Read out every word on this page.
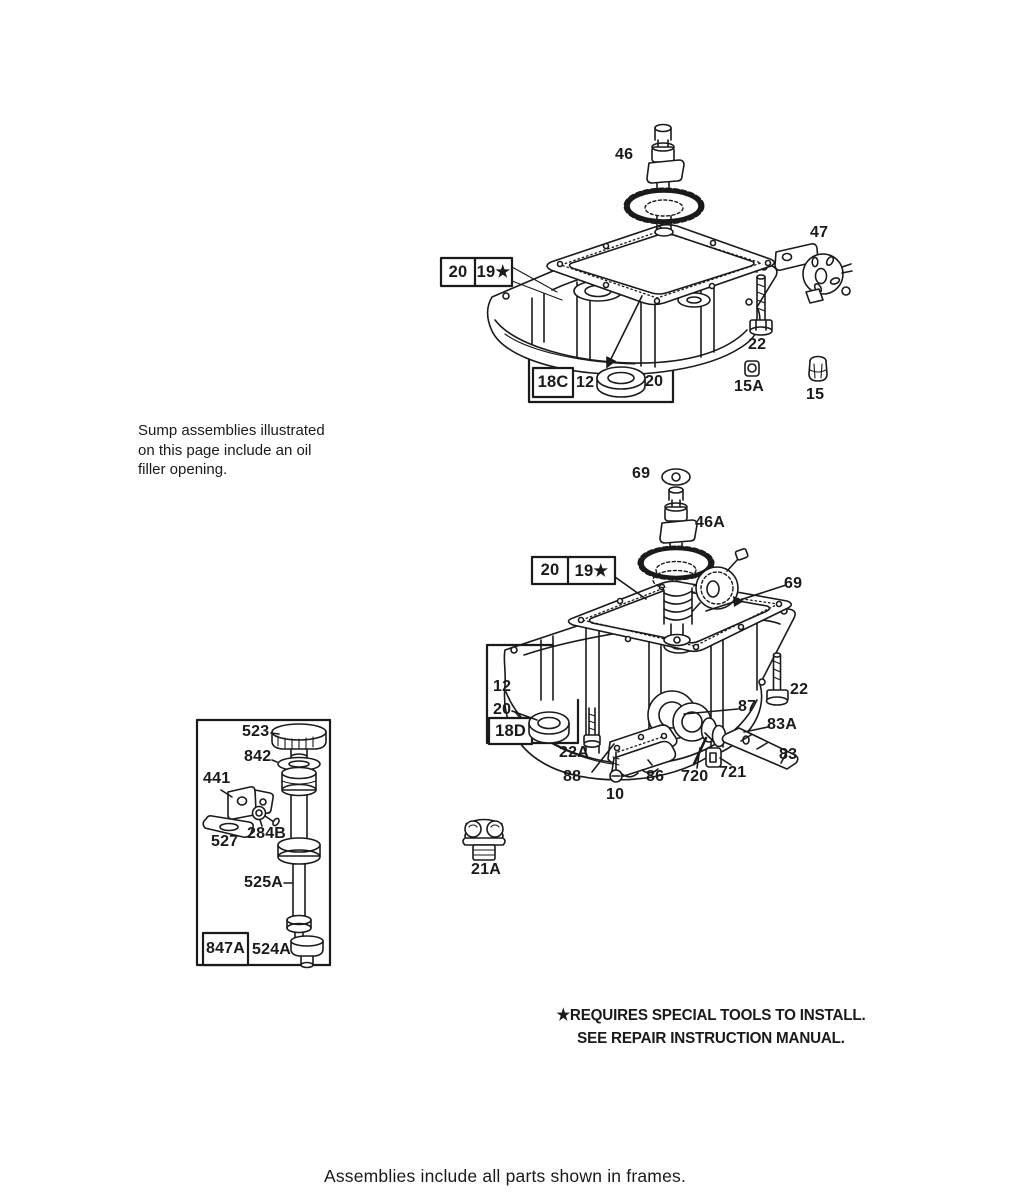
Sump assemblies illustrated
on this page include an oil
filler opening.
46
47
22
15A	15
20 19★
18C 12	20
69
46A
69
20 19★
12
20
18D
22A
88
10
86 720 721
87
83A
83
22
523
842
441
527 284B
525A
847A 524A
21A
★REQUIRES SPECIAL TOOLS TO INSTALL.
SEE REPAIR INSTRUCTION MANUAL.
Assemblies include all parts shown in frames.
